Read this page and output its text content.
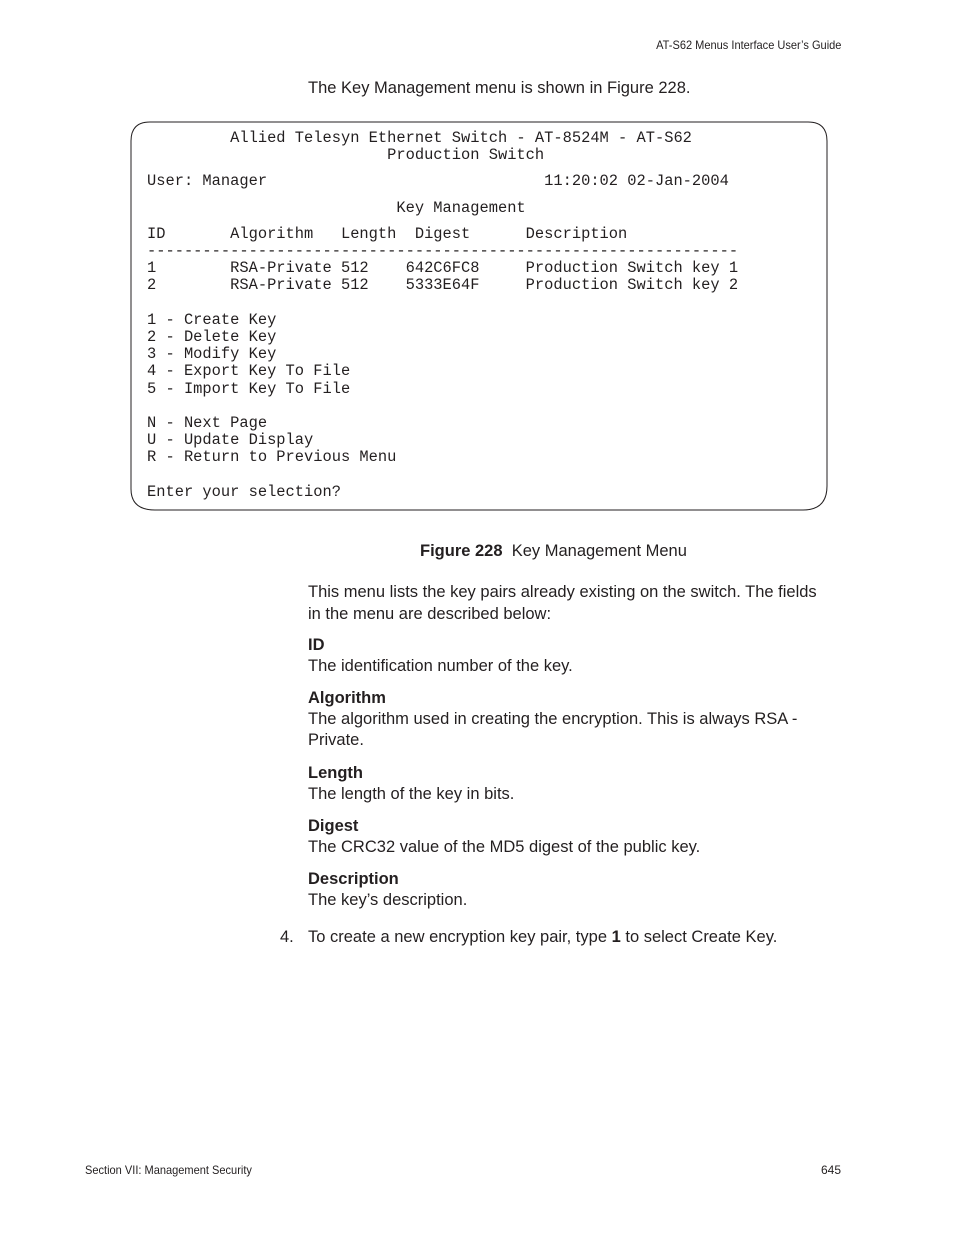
AT-S62 Menus Interface User’s Guide
The Key Management menu is shown in Figure 228.
Allied Telesyn Ethernet Switch - AT-8524M - AT-S62
Production Switch
User: Manager                              11:20:02 02-Jan-2004
Key Management
ID       Algorithm   Length  Digest      Description
----------------------------------------------------------------
1        RSA-Private 512    642C6FC8     Production Switch key 1
2        RSA-Private 512    5333E64F     Production Switch key 2
1 - Create Key
2 - Delete Key
3 - Modify Key
4 - Export Key To File
5 - Import Key To File
N - Next Page
U - Update Display
R - Return to Previous Menu
Enter your selection?
Figure 228 Key Management Menu
This menu lists the key pairs already existing on the switch. The fields in the menu are described below:
ID
The identification number of the key.
Algorithm
The algorithm used in creating the encryption. This is always RSA - Private.
Length
The length of the key in bits.
Digest
The CRC32 value of the MD5 digest of the public key.
Description
The key’s description.
4. To create a new encryption key pair, type 1 to select Create Key.
Section VII: Management Security	645
